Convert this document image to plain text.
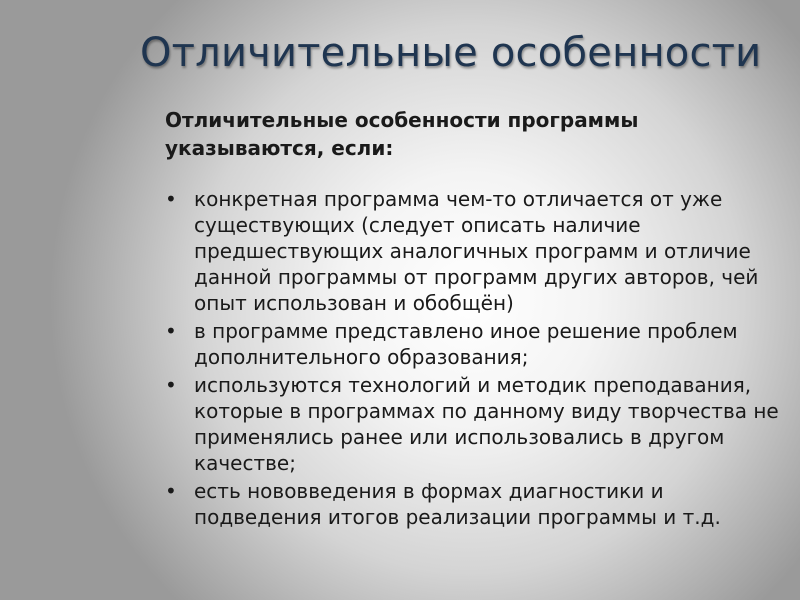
Отличительные особенности

Отличительные особенности программы указываются, если:

• конкретная программа чем-то отличается от уже существующих (следует описать наличие предшествующих аналогичных программ и отличие данной программы от программ других авторов, чей опыт использован и обобщён)
• в программе представлено иное решение проблем дополнительного образования;
• используются технологий и методик преподавания, которые в программах по данному виду творчества не применялись ранее или использовались в другом качестве;
• есть нововведения в формах диагностики и подведения итогов реализации программы и т.д.
